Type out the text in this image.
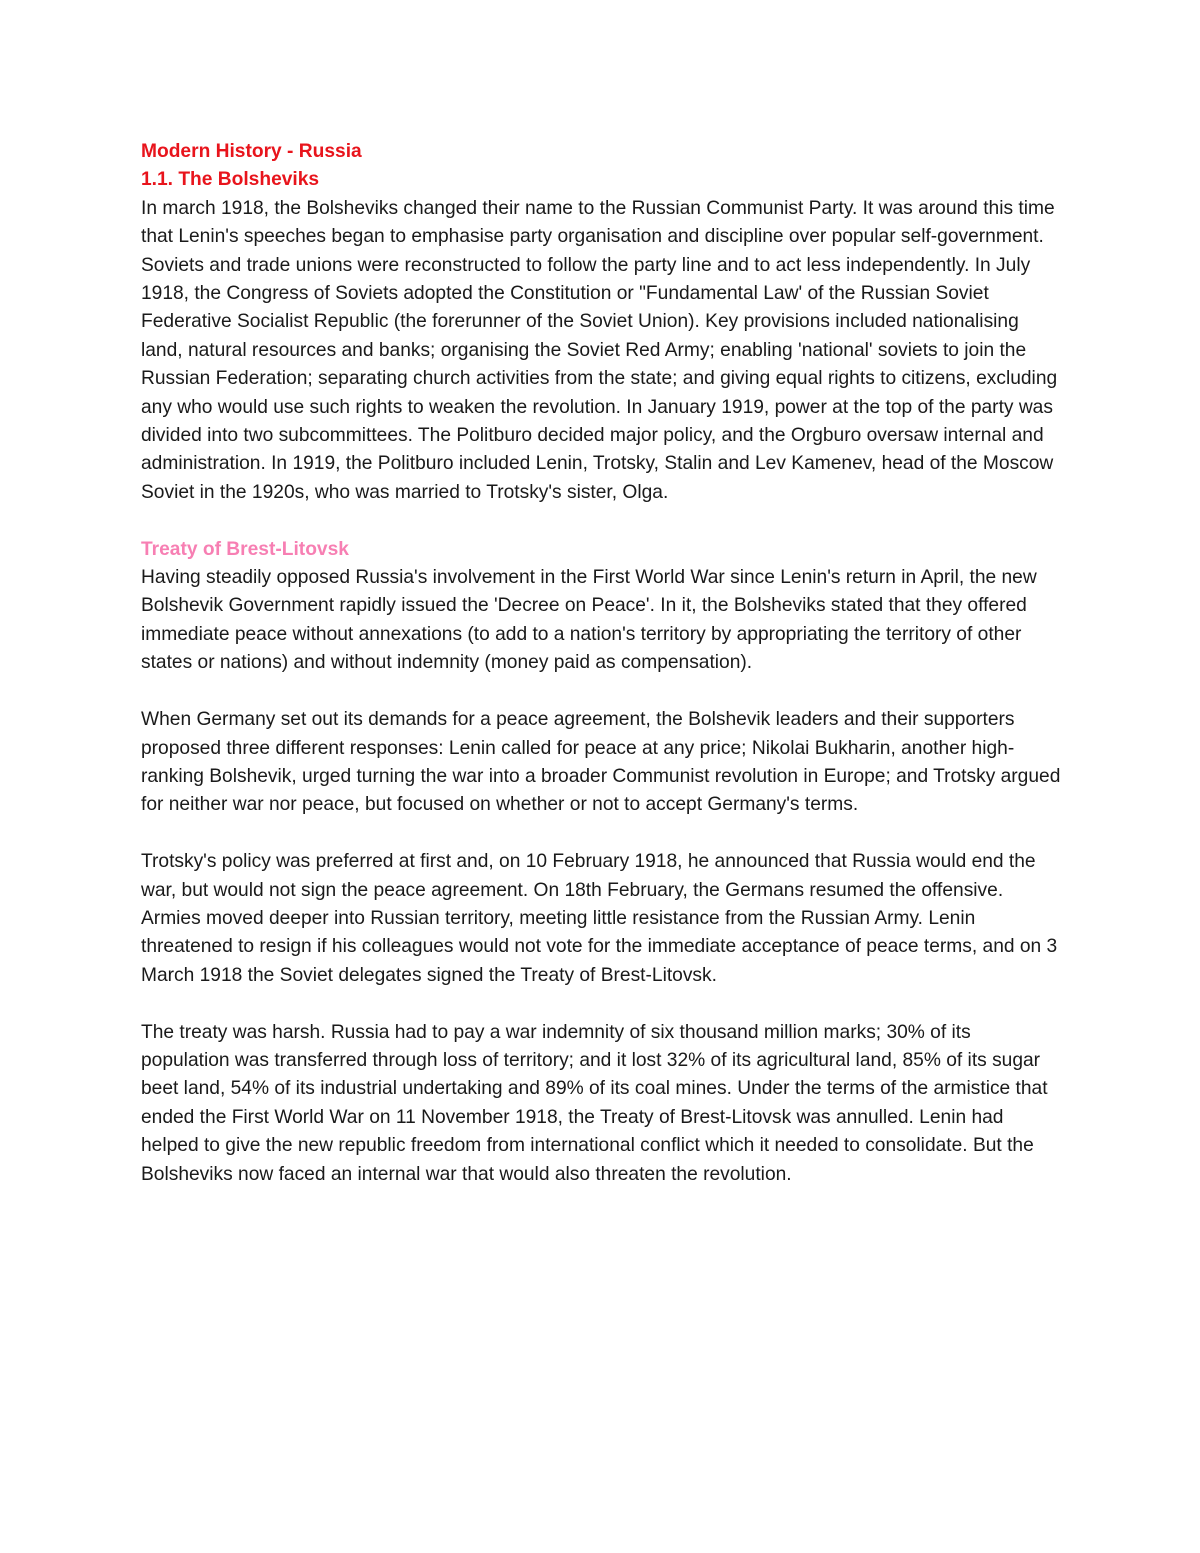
Modern History - Russia
1.1. The Bolsheviks

In march 1918, the Bolsheviks changed their name to the Russian Communist Party. It was around this time that Lenin's speeches began to emphasise party organisation and discipline over popular self-government. Soviets and trade unions were reconstructed to follow the party line and to act less independently. In July 1918, the Congress of Soviets adopted the Constitution or "Fundamental Law' of the Russian Soviet Federative Socialist Republic (the forerunner of the Soviet Union). Key provisions included nationalising land, natural resources and banks; organising the Soviet Red Army; enabling 'national' soviets to join the Russian Federation; separating church activities from the state; and giving equal rights to citizens, excluding any who would use such rights to weaken the revolution. In January 1919, power at the top of the party was divided into two subcommittees. The Politburo decided major policy, and the Orgburo oversaw internal and administration. In 1919, the Politburo included Lenin, Trotsky, Stalin and Lev Kamenev, head of the Moscow Soviet in the 1920s, who was married to Trotsky's sister, Olga.

Treaty of Brest-Litovsk

Having steadily opposed Russia's involvement in the First World War since Lenin's return in April, the new Bolshevik Government rapidly issued the 'Decree on Peace'. In it, the Bolsheviks stated that they offered immediate peace without annexations (to add to a nation's territory by appropriating the territory of other states or nations) and without indemnity (money paid as compensation).

When Germany set out its demands for a peace agreement, the Bolshevik leaders and their supporters proposed three different responses: Lenin called for peace at any price; Nikolai Bukharin, another high-ranking Bolshevik, urged turning the war into a broader Communist revolution in Europe; and Trotsky argued for neither war nor peace, but focused on whether or not to accept Germany's terms.

Trotsky's policy was preferred at first and, on 10 February 1918, he announced that Russia would end the war, but would not sign the peace agreement. On 18th February, the Germans resumed the offensive. Armies moved deeper into Russian territory, meeting little resistance from the Russian Army. Lenin threatened to resign if his colleagues would not vote for the immediate acceptance of peace terms, and on 3 March 1918 the Soviet delegates signed the Treaty of Brest-Litovsk.

The treaty was harsh. Russia had to pay a war indemnity of six thousand million marks; 30% of its population was transferred through loss of territory; and it lost 32% of its agricultural land, 85% of its sugar beet land, 54% of its industrial undertaking and 89% of its coal mines. Under the terms of the armistice that ended the First World War on 11 November 1918, the Treaty of Brest-Litovsk was annulled. Lenin had helped to give the new republic freedom from international conflict which it needed to consolidate. But the Bolsheviks now faced an internal war that would also threaten the revolution.
